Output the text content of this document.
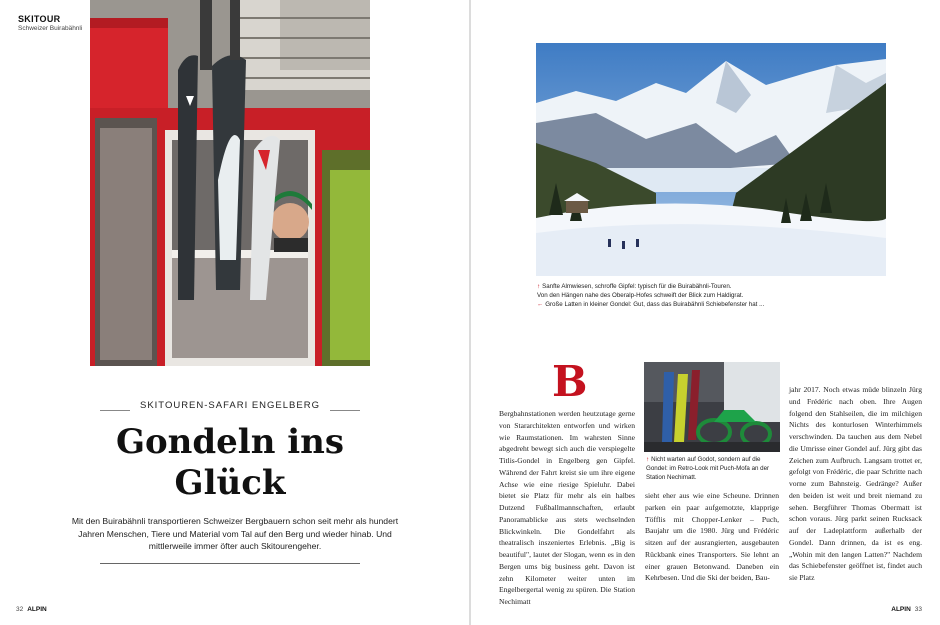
SKITOUR
Schweizer Buirabähnli
SKITOUREN-SAFARI ENGELBERG
Gondeln ins
Glück
Mit den Buirabähnli transportieren Schweizer Bergbauern schon seit mehr als hundert Jahren Menschen, Tiere und Material vom Tal auf den Berg und wieder hinab. Und mittlerweile immer öfter auch Skitourengeher.
32 ALPIN
↑ Sanfte Almwiesen, schroffe Gipfel: typisch für die Buirabähnli-Touren.
Von den Hängen nahe des Oberalp-Hofes schweift der Blick zum Haldigrat.
← Große Latten in kleiner Gondel: Gut, dass das Buirabähnli Schiebefenster hat ...
B
↑ Nicht warten auf Godot, sondern auf die Gondel: im Retro-Look mit Puch-Mofa an der Station Nechimatt.

Bergbahnstationen werden heutzutage gerne von Stararchitekten entworfen und wirken wie Raumstationen. Im wahrsten Sinne abgedreht bewegt sich auch die verspiegelte Titlis-Gondel in Engelberg gen Gipfel. Während der Fahrt kreist sie um ihre eigene Achse wie eine riesige Spieluhr. Dabei bietet sie Platz für mehr als ein halbes Dutzend Fußballmannschaften, erlaubt Panoramablicke aus stets wechselnden Blickwinkeln. Die Gondelfahrt als theatralisch inszeniertes Erlebnis. „Big is beautiful", lautet der Slogan, wenn es in den Bergen ums big business geht. Davon ist zehn Kilometer weiter unten im Engelbergertal wenig zu spüren. Die Station Nechimatt

sieht eher aus wie eine Scheune. Drinnen parken ein paar aufgemotzte, klapprige Töfflis mit Chopper-Lenker – Puch, Baujahr um die 1980. Jürg und Frédéric sitzen auf der ausrangierten, ausgebauten Rückbank eines Transporters. Sie lehnt an einer grauen Betonwand. Daneben ein Kehrbesen. Und die Ski der beiden, Bau-

jahr 2017. Noch etwas müde blinzeln Jürg und Frédéric nach oben. Ihre Augen folgend den Stahlseilen, die im milchigen Nichts des konturlosen Winterhimmels verschwinden. Da tauchen aus dem Nebel die Umrisse einer Gondel auf. Jürg gibt das Zeichen zum Aufbruch. Langsam trottet er, gefolgt von Frédéric, die paar Schritte nach vorne zum Bahnsteig. Gedränge? Außer den beiden ist weit und breit niemand zu sehen. Bergführer Thomas Obermatt ist schon voraus. Jürg parkt seinen Rucksack auf der Ladeplattform außerhalb der Gondel. Dann drinnen, da ist es eng. „Wohin mit den langen Latten?" Nachdem das Schiebefenster geöffnet ist, findet auch sie Platz

ALPIN 33
